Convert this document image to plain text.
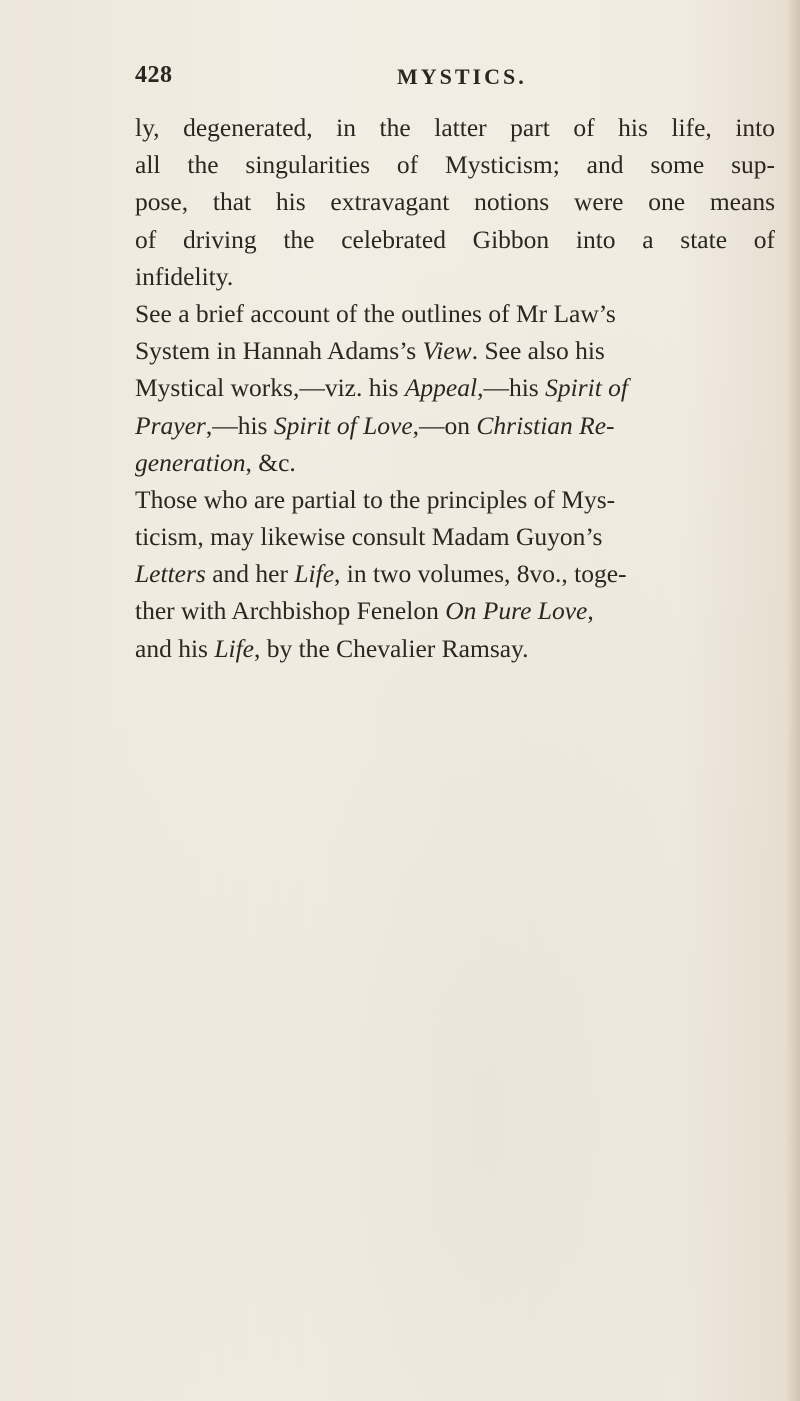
428	MYSTICS.
ly, degenerated, in the latter part of his life, into
all the singularities of Mysticism; and some sup-
pose, that his extravagant notions were one means
of driving the celebrated Gibbon into a state of
infidelity.
See a brief account of the outlines of Mr Law’s
System in Hannah Adams’s View. See also his
Mystical works,—viz. his Appeal,—his Spirit of
Prayer,—his Spirit of Love,—on Christian Re-
generation, &c.
Those who are partial to the principles of Mys-
ticism, may likewise consult Madam Guyon’s
Letters and her Life, in two volumes, 8vo., toge-
ther with Archbishop Fenelon On Pure Love,
and his Life, by the Chevalier Ramsay.
